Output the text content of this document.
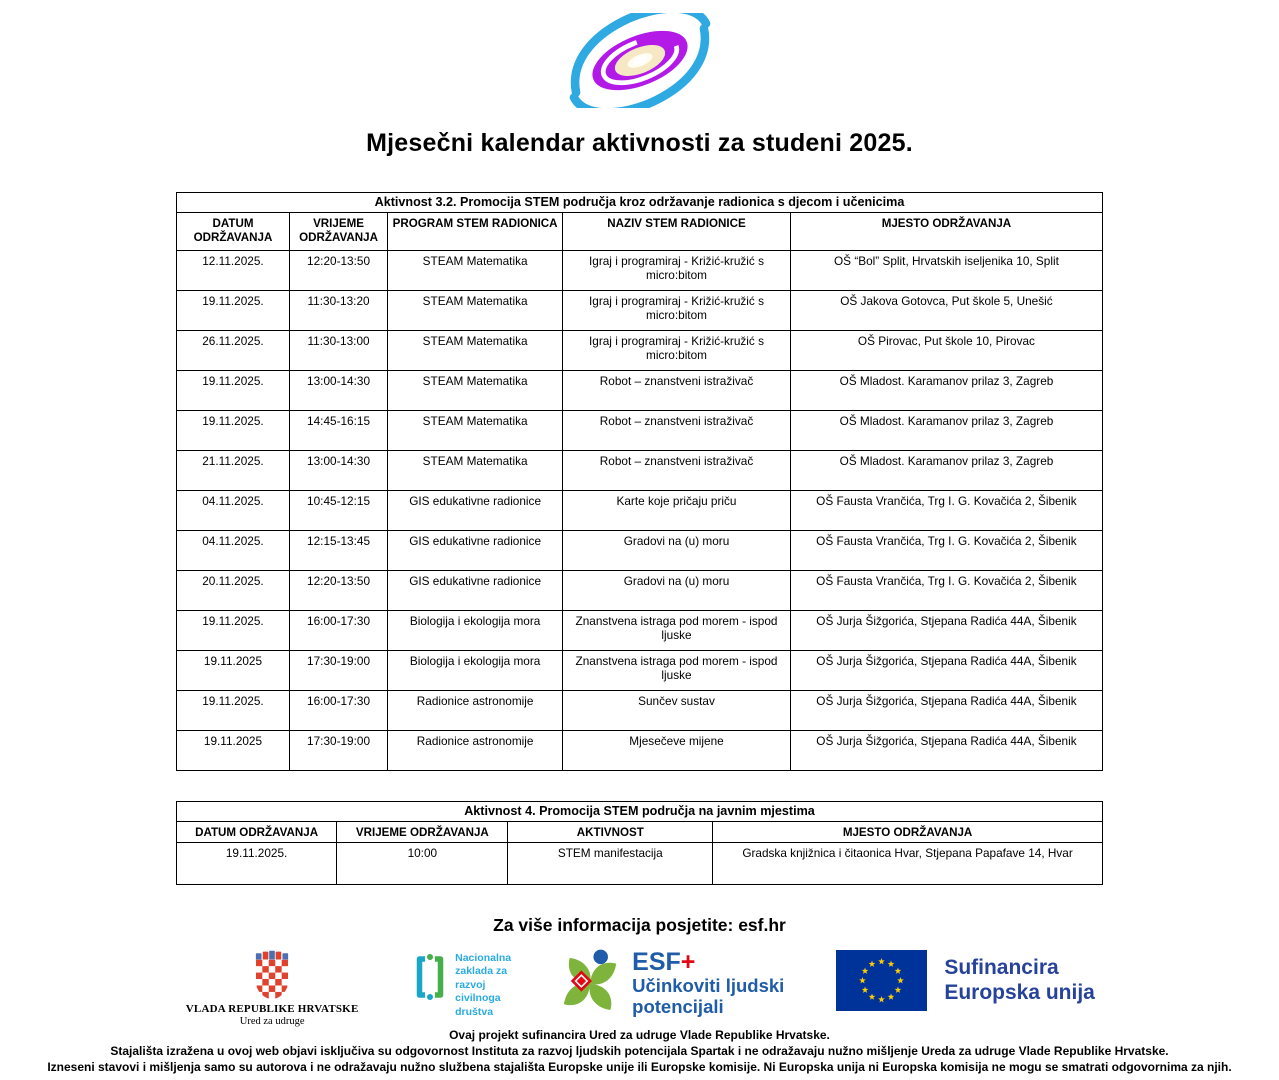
Mjesečni kalendar aktivnosti za studeni 2025.
Aktivnost 3.2. Promocija STEM područja kroz održavanje radionica s djecom i učenicima				
DATUM ODRŽAVANJA	VRIJEME ODRŽAVANJA	PROGRAM STEM RADIONICA	NAZIV STEM RADIONICE	MJESTO ODRŽAVANJA
12.11.2025.	12:20-13:50	STEAM Matematika	Igraj i programiraj - Križić-kružić s micro:bitom	OŠ “Bol” Split, Hrvatskih iseljenika 10, Split
19.11.2025.	11:30-13:20	STEAM Matematika	Igraj i programiraj - Križić-kružić s micro:bitom	OŠ Jakova Gotovca, Put škole 5, Unešić
26.11.2025.	11:30-13:00	STEAM Matematika	Igraj i programiraj - Križić-kružić s micro:bitom	OŠ Pirovac, Put škole 10, Pirovac
19.11.2025.	13:00-14:30	STEAM Matematika	Robot – znanstveni istraživač	OŠ Mladost. Karamanov prilaz 3, Zagreb
19.11.2025.	14:45-16:15	STEAM Matematika	Robot – znanstveni istraživač	OŠ Mladost. Karamanov prilaz 3, Zagreb
21.11.2025.	13:00-14:30	STEAM Matematika	Robot – znanstveni istraživač	OŠ Mladost. Karamanov prilaz 3, Zagreb
04.11.2025.	10:45-12:15	GIS edukativne radionice	Karte koje pričaju priču	OŠ Fausta Vrančića, Trg I. G. Kovačića 2, Šibenik
04.11.2025.	12:15-13:45	GIS edukativne radionice	Gradovi na (u) moru	OŠ Fausta Vrančića, Trg I. G. Kovačića 2, Šibenik
20.11.2025.	12:20-13:50	GIS edukativne radionice	Gradovi na (u) moru	OŠ Fausta Vrančića, Trg I. G. Kovačića 2, Šibenik
19.11.2025.	16:00-17:30	Biologija i ekologija mora	Znanstvena istraga pod morem - ispod ljuske	OŠ Jurja Šižgorića, Stjepana Radića 44A, Šibenik
19.11.2025	17:30-19:00	Biologija i ekologija mora	Znanstvena istraga pod morem - ispod ljuske	OŠ Jurja Šižgorića, Stjepana Radića 44A, Šibenik
19.11.2025.	16:00-17:30	Radionice astronomije	Sunčev sustav	OŠ Jurja Šižgorića, Stjepana Radića 44A, Šibenik
19.11.2025	17:30-19:00	Radionice astronomije	Mjesečeve mijene	OŠ Jurja Šižgorića, Stjepana Radića 44A, Šibenik
Aktivnost 4. Promocija STEM područja na javnim mjestima			
DATUM ODRŽAVANJA	VRIJEME ODRŽAVANJA	AKTIVNOST	MJESTO ODRŽAVANJA
19.11.2025.	10:00	STEM manifestacija	Gradska knjižnica i čitaonica Hvar, Stjepana Papafave 14, Hvar
Za više informacija posjetite: esf.hr
VLADA REPUBLIKE HRVATSKE
Ured za udruge
Nacionalna
zaklada za
razvoj
civilnoga
društva
ESF+
Učinkoviti ljudski
potencijali
Sufinancira
Europska unija
Ovaj projekt sufinancira Ured za udruge Vlade Republike Hrvatske.
Stajališta izražena u ovoj web objavi isključiva su odgovornost Instituta za razvoj ljudskih potencijala Spartak i ne odražavaju nužno mišljenje Ureda za udruge Vlade Republike Hrvatske.
Izneseni stavovi i mišljenja samo su autorova i ne odražavaju nužno službena stajališta Europske unije ili Europske komisije. Ni Europska unija ni Europska komisija ne mogu se smatrati odgovornima za njih.
